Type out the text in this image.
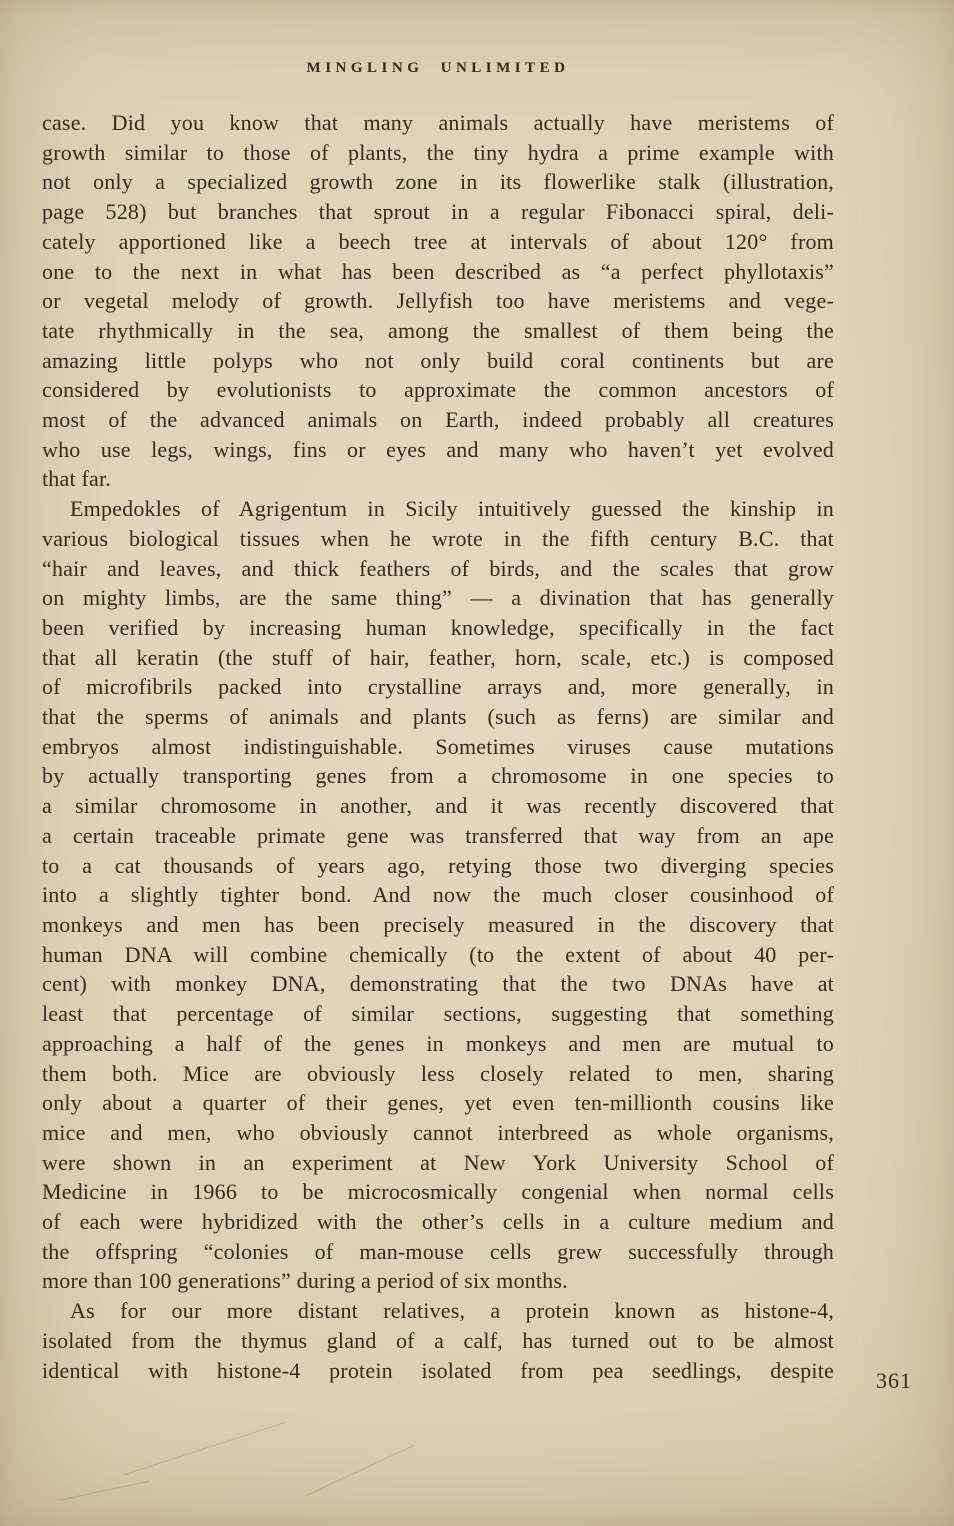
MINGLING UNLIMITED
case. Did you know that many animals actually have meristems of
growth similar to those of plants, the tiny hydra a prime example with
not only a specialized growth zone in its flowerlike stalk (illustration,
page 528) but branches that sprout in a regular Fibonacci spiral, deli-
cately apportioned like a beech tree at intervals of about 120° from
one to the next in what has been described as “a perfect phyllotaxis”
or vegetal melody of growth. Jellyfish too have meristems and vege-
tate rhythmically in the sea, among the smallest of them being the
amazing little polyps who not only build coral continents but are
considered by evolutionists to approximate the common ancestors of
most of the advanced animals on Earth, indeed probably all creatures
who use legs, wings, fins or eyes and many who haven’t yet evolved
that far.
Empedokles of Agrigentum in Sicily intuitively guessed the kinship in
various biological tissues when he wrote in the fifth century B.C. that
“hair and leaves, and thick feathers of birds, and the scales that grow
on mighty limbs, are the same thing” — a divination that has generally
been verified by increasing human knowledge, specifically in the fact
that all keratin (the stuff of hair, feather, horn, scale, etc.) is composed
of microfibrils packed into crystalline arrays and, more generally, in
that the sperms of animals and plants (such as ferns) are similar and
embryos almost indistinguishable. Sometimes viruses cause mutations
by actually transporting genes from a chromosome in one species to
a similar chromosome in another, and it was recently discovered that
a certain traceable primate gene was transferred that way from an ape
to a cat thousands of years ago, retying those two diverging species
into a slightly tighter bond. And now the much closer cousinhood of
monkeys and men has been precisely measured in the discovery that
human DNA will combine chemically (to the extent of about 40 per-
cent) with monkey DNA, demonstrating that the two DNAs have at
least that percentage of similar sections, suggesting that something
approaching a half of the genes in monkeys and men are mutual to
them both. Mice are obviously less closely related to men, sharing
only about a quarter of their genes, yet even ten-millionth cousins like
mice and men, who obviously cannot interbreed as whole organisms,
were shown in an experiment at New York University School of
Medicine in 1966 to be microcosmically congenial when normal cells
of each were hybridized with the other’s cells in a culture medium and
the offspring “colonies of man-mouse cells grew successfully through
more than 100 generations” during a period of six months.
As for our more distant relatives, a protein known as histone-4,
isolated from the thymus gland of a calf, has turned out to be almost
identical with histone-4 protein isolated from pea seedlings, despite 361
